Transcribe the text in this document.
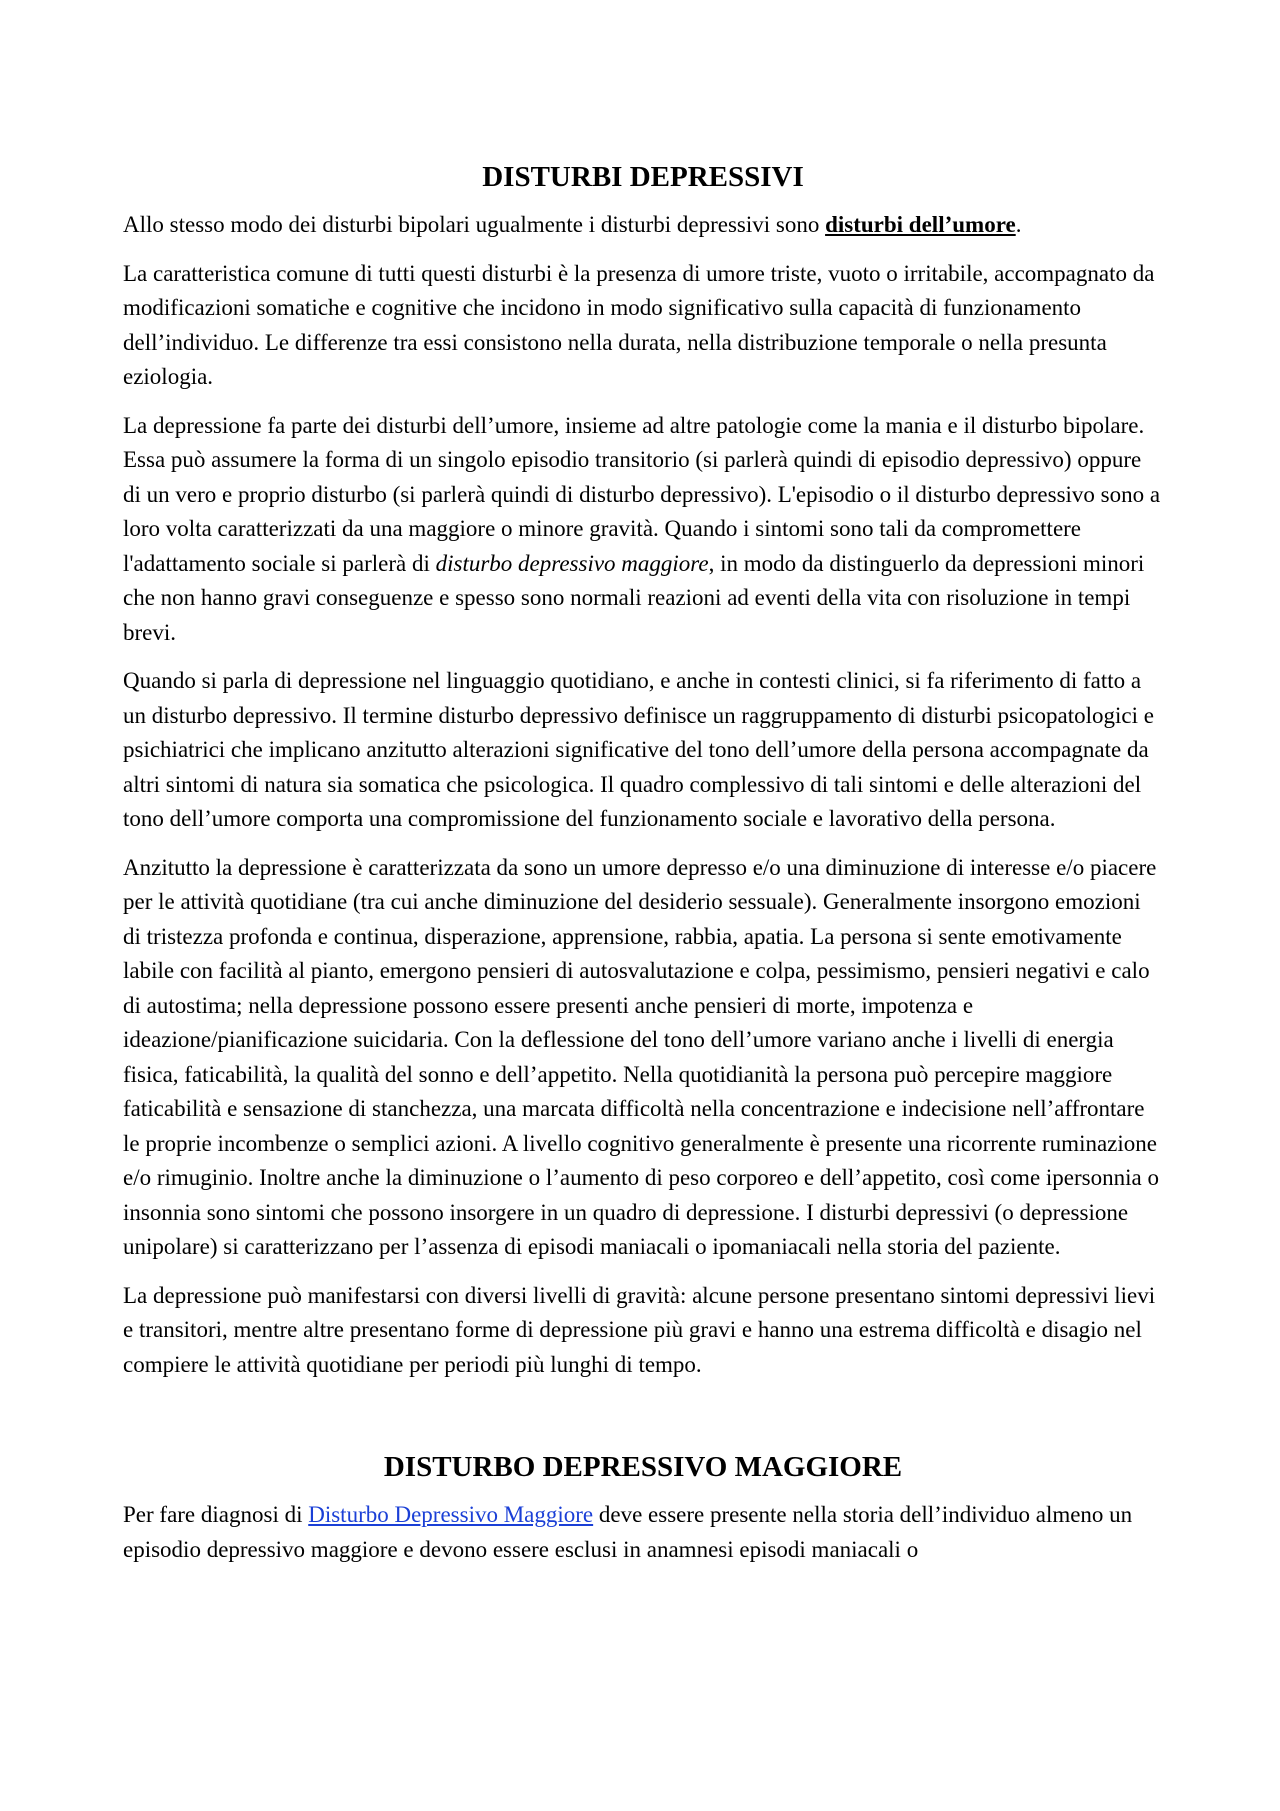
DISTURBI DEPRESSIVI

Allo stesso modo dei disturbi bipolari ugualmente i disturbi depressivi sono disturbi dell’umore.

La caratteristica comune di tutti questi disturbi è la presenza di umore triste, vuoto o irritabile, accompagnato da modificazioni somatiche e cognitive che incidono in modo significativo sulla capacità di funzionamento dell’individuo. Le differenze tra essi consistono nella durata, nella distribuzione temporale o nella presunta eziologia.

La depressione fa parte dei disturbi dell’umore, insieme ad altre patologie come la mania e il disturbo bipolare. Essa può assumere la forma di un singolo episodio transitorio (si parlerà quindi di episodio depressivo) oppure di un vero e proprio disturbo (si parlerà quindi di disturbo depressivo). L'episodio o il disturbo depressivo sono a loro volta caratterizzati da una maggiore o minore gravità. Quando i sintomi sono tali da compromettere l'adattamento sociale si parlerà di disturbo depressivo maggiore, in modo da distinguerlo da depressioni minori che non hanno gravi conseguenze e spesso sono normali reazioni ad eventi della vita con risoluzione in tempi brevi.

Quando si parla di depressione nel linguaggio quotidiano, e anche in contesti clinici, si fa riferimento di fatto a un disturbo depressivo. Il termine disturbo depressivo definisce un raggruppamento di disturbi psicopatologici e psichiatrici che implicano anzitutto alterazioni significative del tono dell’umore della persona accompagnate da altri sintomi di natura sia somatica che psicologica. Il quadro complessivo di tali sintomi e delle alterazioni del tono dell’umore comporta una compromissione del funzionamento sociale e lavorativo della persona.

Anzitutto la depressione è caratterizzata da sono un umore depresso e/o una diminuzione di interesse e/o piacere per le attività quotidiane (tra cui anche diminuzione del desiderio sessuale). Generalmente insorgono emozioni di tristezza profonda e continua, disperazione, apprensione, rabbia, apatia. La persona si sente emotivamente labile con facilità al pianto, emergono pensieri di autosvalutazione e colpa, pessimismo, pensieri negativi e calo di autostima; nella depressione possono essere presenti anche pensieri di morte, impotenza e ideazione/pianificazione suicidaria. Con la deflessione del tono dell’umore variano anche i livelli di energia fisica, faticabilità, la qualità del sonno e dell’appetito. Nella quotidianità la persona può percepire maggiore faticabilità e sensazione di stanchezza, una marcata difficoltà nella concentrazione e indecisione nell’affrontare le proprie incombenze o semplici azioni. A livello cognitivo generalmente è presente una ricorrente ruminazione e/o rimuginio. Inoltre anche la diminuzione o l’aumento di peso corporeo e dell’appetito, così come ipersonnia o insonnia sono sintomi che possono insorgere in un quadro di depressione. I disturbi depressivi (o depressione unipolare) si caratterizzano per l’assenza di episodi maniacali o ipomaniacali nella storia del paziente.

La depressione può manifestarsi con diversi livelli di gravità: alcune persone presentano sintomi depressivi lievi e transitori, mentre altre presentano forme di depressione più gravi e hanno una estrema difficoltà e disagio nel compiere le attività quotidiane per periodi più lunghi di tempo.

DISTURBO DEPRESSIVO MAGGIORE

Per fare diagnosi di Disturbo Depressivo Maggiore deve essere presente nella storia dell’individuo almeno un episodio depressivo maggiore e devono essere esclusi in anamnesi episodi maniacali o
